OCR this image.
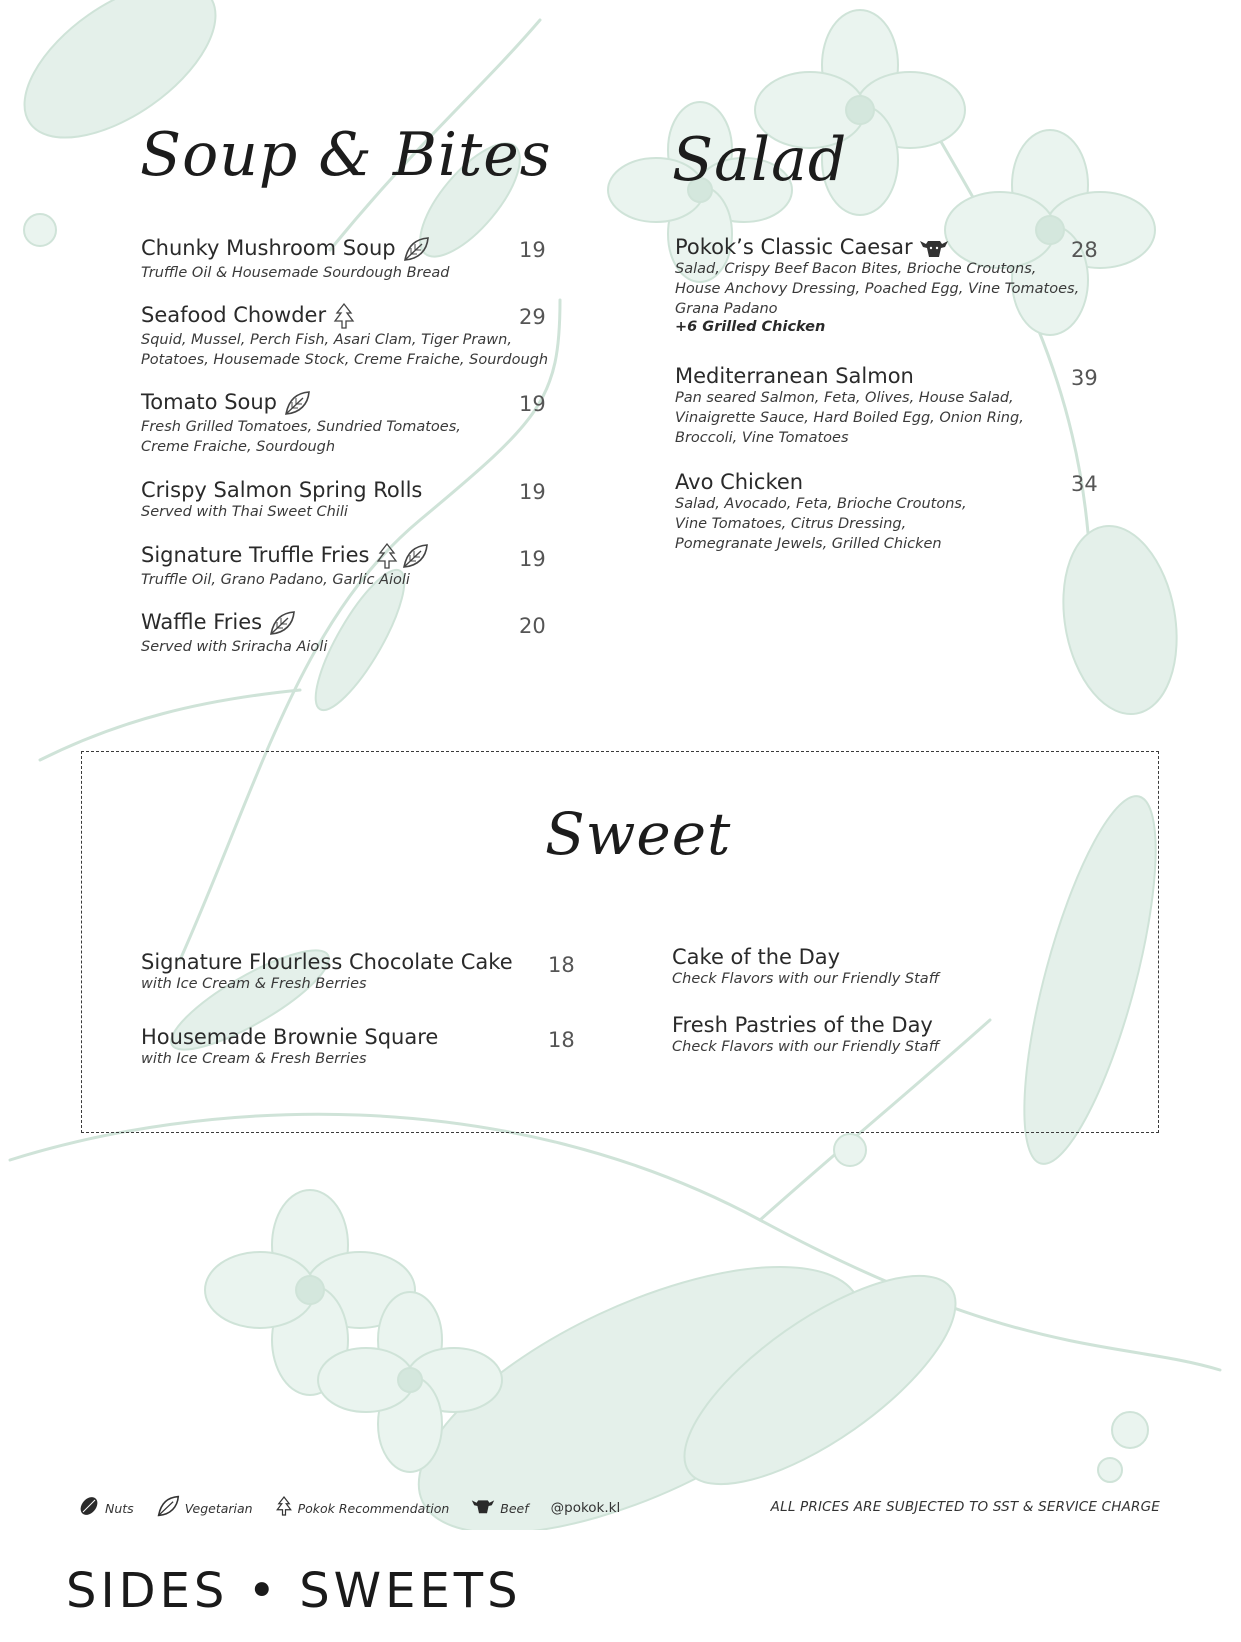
Soup & Bites
Chunky Mushroom Soup
Truffle Oil & Housemade Sourdough Bread
19
Seafood Chowder
Squid, Mussel, Perch Fish, Asari Clam, Tiger Prawn,
Potatoes, Housemade Stock, Creme Fraiche, Sourdough
29
Tomato Soup
Fresh Grilled Tomatoes, Sundried Tomatoes,
Creme Fraiche, Sourdough
19
Crispy Salmon Spring Rolls
Served with Thai Sweet Chili
19
Signature Truffle Fries
Truffle Oil, Grano Padano, Garlic Aioli
19
Waffle Fries
Served with Sriracha Aioli
20
Salad
Pokok’s Classic Caesar
Salad, Crispy Beef Bacon Bites, Brioche Croutons,
House Anchovy Dressing, Poached Egg, Vine Tomatoes,
Grana Padano
+6 Grilled Chicken
28
Mediterranean Salmon
Pan seared Salmon, Feta, Olives, House Salad,
Vinaigrette Sauce, Hard Boiled Egg, Onion Ring,
Broccoli, Vine Tomatoes
39
Avo Chicken
Salad, Avocado, Feta, Brioche Croutons,
Vine Tomatoes, Citrus Dressing,
Pomegranate Jewels, Grilled Chicken
34
Sweet
Signature Flourless Chocolate Cake
with Ice Cream & Fresh Berries
18
Housemade Brownie Square
with Ice Cream & Fresh Berries
18
Cake of the Day
Check Flavors with our Friendly Staff
Fresh Pastries of the Day
Check Flavors with our Friendly Staff
Nuts	Vegetarian	Pokok Recommendation	Beef @pokok.kl	ALL PRICES ARE SUBJECTED TO SST & SERVICE CHARGE
SIDES • SWEETS
